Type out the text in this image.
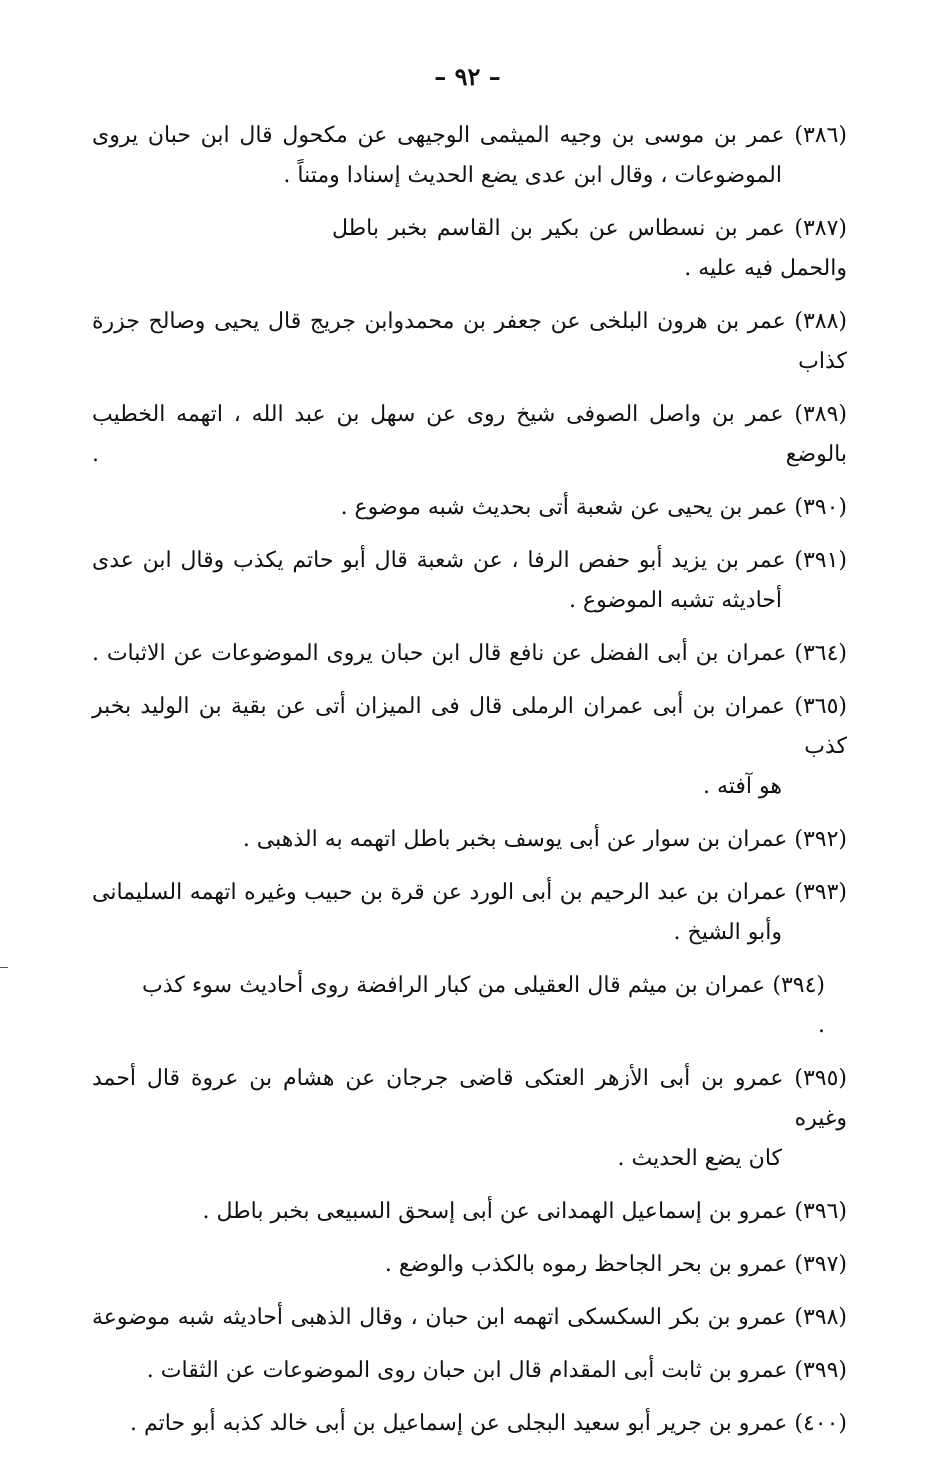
– ٩٢ –
(٣٨٦) عمر بن موسى بن وجيه الميثمى الوجيهى عن مكحول قال ابن حبان يروى
الموضوعات ، وقال ابن عدى يضع الحديث إسنادا ومتناً .
(٣٨٧) عمر بن نسطاس عن بكير بن القاسم بخبر باطل والحمل فيه عليه .
(٣٨٨) عمر بن هرون البلخى عن جعفر بن محمدوابن جريج قال يحيى وصالح جزرة كذاب
(٣٨٩) عمر بن واصل الصوفى شيخ روى عن سهل بن عبد الله ، اتهمه الخطيب بالوضع .
(٣٩٠) عمر بن يحيى عن شعبة أتى بحديث شبه موضوع .
(٣٩١) عمر بن يزيد أبو حفص الرفا ، عن شعبة قال أبو حاتم يكذب وقال ابن عدى
أحاديثه تشبه الموضوع .
(٣٦٤) عمران بن أبى الفضل عن نافع قال ابن حبان يروى الموضوعات عن الاثبات .
(٣٦٥) عمران بن أبى عمران الرملى قال فى الميزان أتى عن بقية بن الوليد بخبر كذب
هو آفته .
(٣٩٢) عمران بن سوار عن أبى يوسف بخبر باطل اتهمه به الذهبى .
(٣٩٣) عمران بن عبد الرحيم بن أبى الورد عن قرة بن حبيب وغيره اتهمه السليمانى
وأبو الشيخ .
(٣٩٤) عمران بن ميثم قال العقيلى من كبار الرافضة روى أحاديث سوء كذب .
(٣٩٥) عمرو بن أبى الأزهر العتكى قاضى جرجان عن هشام بن عروة قال أحمد وغيره
كان يضع الحديث .
(٣٩٦) عمرو بن إسماعيل الهمدانى عن أبى إسحق السبيعى بخبر باطل .
(٣٩٧) عمرو بن بحر الجاحظ رموه بالكذب والوضع .
(٣٩٨) عمرو بن بكر السكسكى اتهمه ابن حبان ، وقال الذهبى أحاديثه شبه موضوعة
(٣٩٩) عمرو بن ثابت أبى المقدام قال ابن حبان روى الموضوعات عن الثقات .
(٤٠٠) عمرو بن جرير أبو سعيد البجلى عن إسماعيل بن أبى خالد كذبه أبو حاتم .
